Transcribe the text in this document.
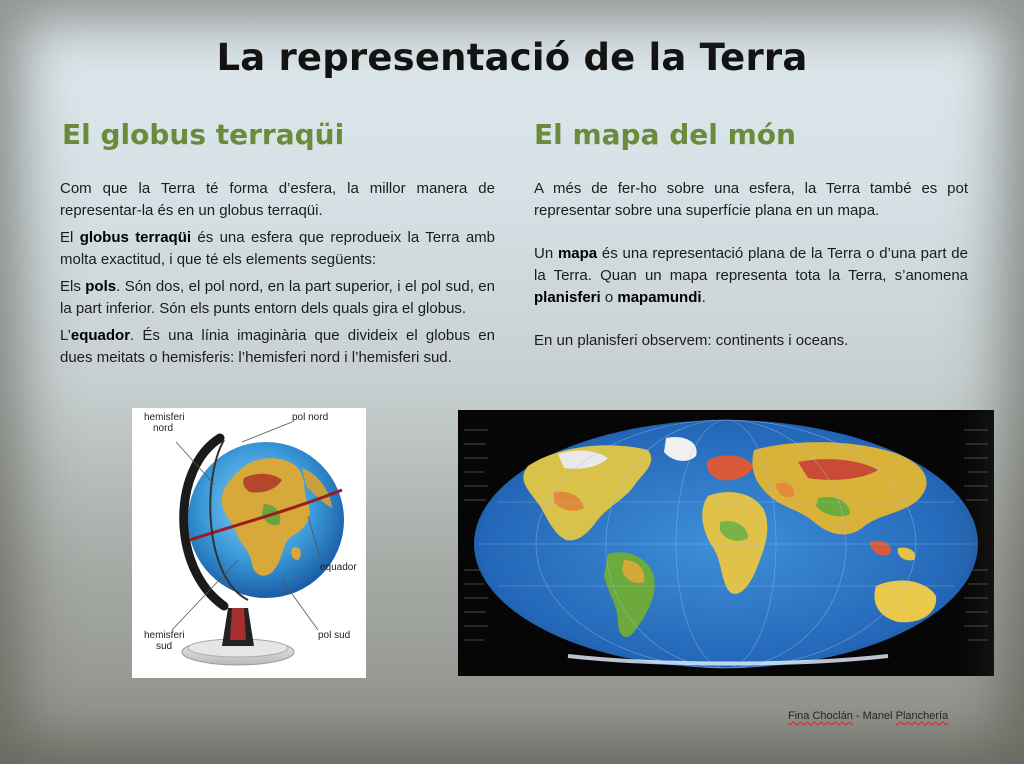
La representació de la Terra
El globus terraqüi	El mapa del món

Com que la Terra té forma d’esfera, la millor manera de representar-la és en un globus terraqüi.

El globus terraqüi és una esfera que reprodueix la Terra amb molta exactitud, i que té els elements següents:

Els pols. Són dos, el pol nord, en la part superior, i el pol sud, en la part inferior. Són els punts entorn dels quals gira el globus.

L’equador. És una línia imaginària que divideix el globus en dues meitats o hemisferis: l’hemisferi nord i l’hemisferi sud.

A més de fer-ho sobre una esfera, la Terra també es pot representar sobre una superfície plana en un mapa.

Un mapa és una representació plana de la Terra o d’una part de la Terra. Quan un mapa representa tota la Terra, s’anomena planisferi o mapamundi.

En un planisferi observem: continents i oceans.

hemisferi
nord
pol nord
equador
hemisferi
sud
pol sud
Fina Choclán - Manel Planchería
